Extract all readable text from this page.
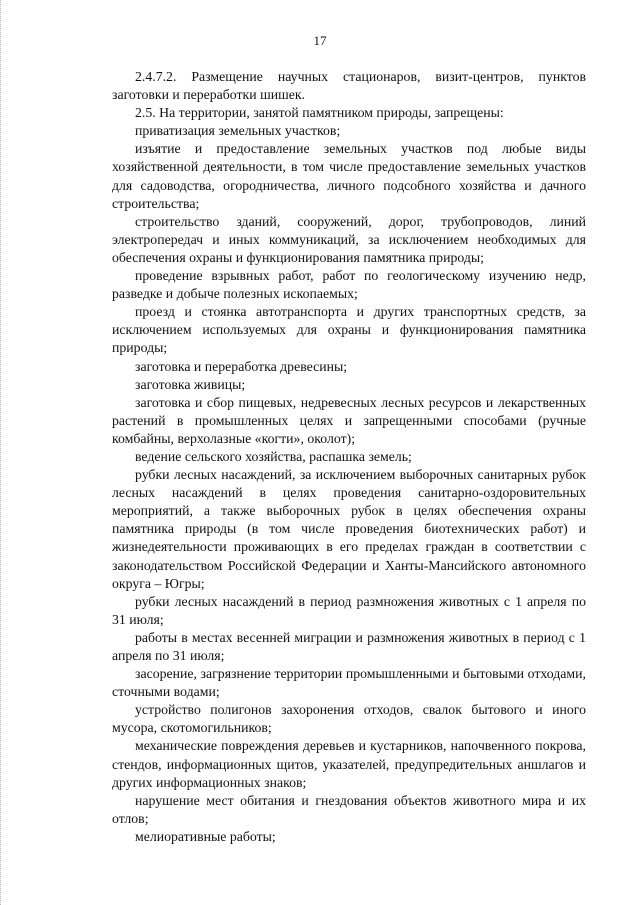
17

2.4.7.2. Размещение научных стационаров, визит-центров, пунктов заготовки и переработки шишек.

2.5. На территории, занятой памятником природы, запрещены:

приватизация земельных участков;

изъятие и предоставление земельных участков под любые виды хозяйственной деятельности, в том числе предоставление земельных участков для садоводства, огородничества, личного подсобного хозяйства и дачного строительства;

строительство зданий, сооружений, дорог, трубопроводов, линий электропередач и иных коммуникаций, за исключением необходимых для обеспечения охраны и функционирования памятника природы;

проведение взрывных работ, работ по геологическому изучению недр, разведке и добыче полезных ископаемых;

проезд и стоянка автотранспорта и других транспортных средств, за исключением используемых для охраны и функционирования памятника природы;

заготовка и переработка древесины;

заготовка живицы;

заготовка и сбор пищевых, недревесных лесных ресурсов и лекарственных растений в промышленных целях и запрещенными способами (ручные комбайны, верхолазные «когти», околот);

ведение сельского хозяйства, распашка земель;

рубки лесных насаждений, за исключением выборочных санитарных рубок лесных насаждений в целях проведения санитарно-оздоровительных мероприятий, а также выборочных рубок в целях обеспечения охраны памятника природы (в том числе проведения биотехнических работ) и жизнедеятельности проживающих в его пределах граждан в соответствии с законодательством Российской Федерации и Ханты-Мансийского автономного округа – Югры;

рубки лесных насаждений в период размножения животных с 1 апреля по 31 июля;

работы в местах весенней миграции и размножения животных в период с 1 апреля по 31 июля;

засорение, загрязнение территории промышленными и бытовыми отходами, сточными водами;

устройство полигонов захоронения отходов, свалок бытового и иного мусора, скотомогильников;

механические повреждения деревьев и кустарников, напочвенного покрова, стендов, информационных щитов, указателей, предупредительных аншлагов и других информационных знаков;

нарушение мест обитания и гнездования объектов животного мира и их отлов;

мелиоративные работы;
